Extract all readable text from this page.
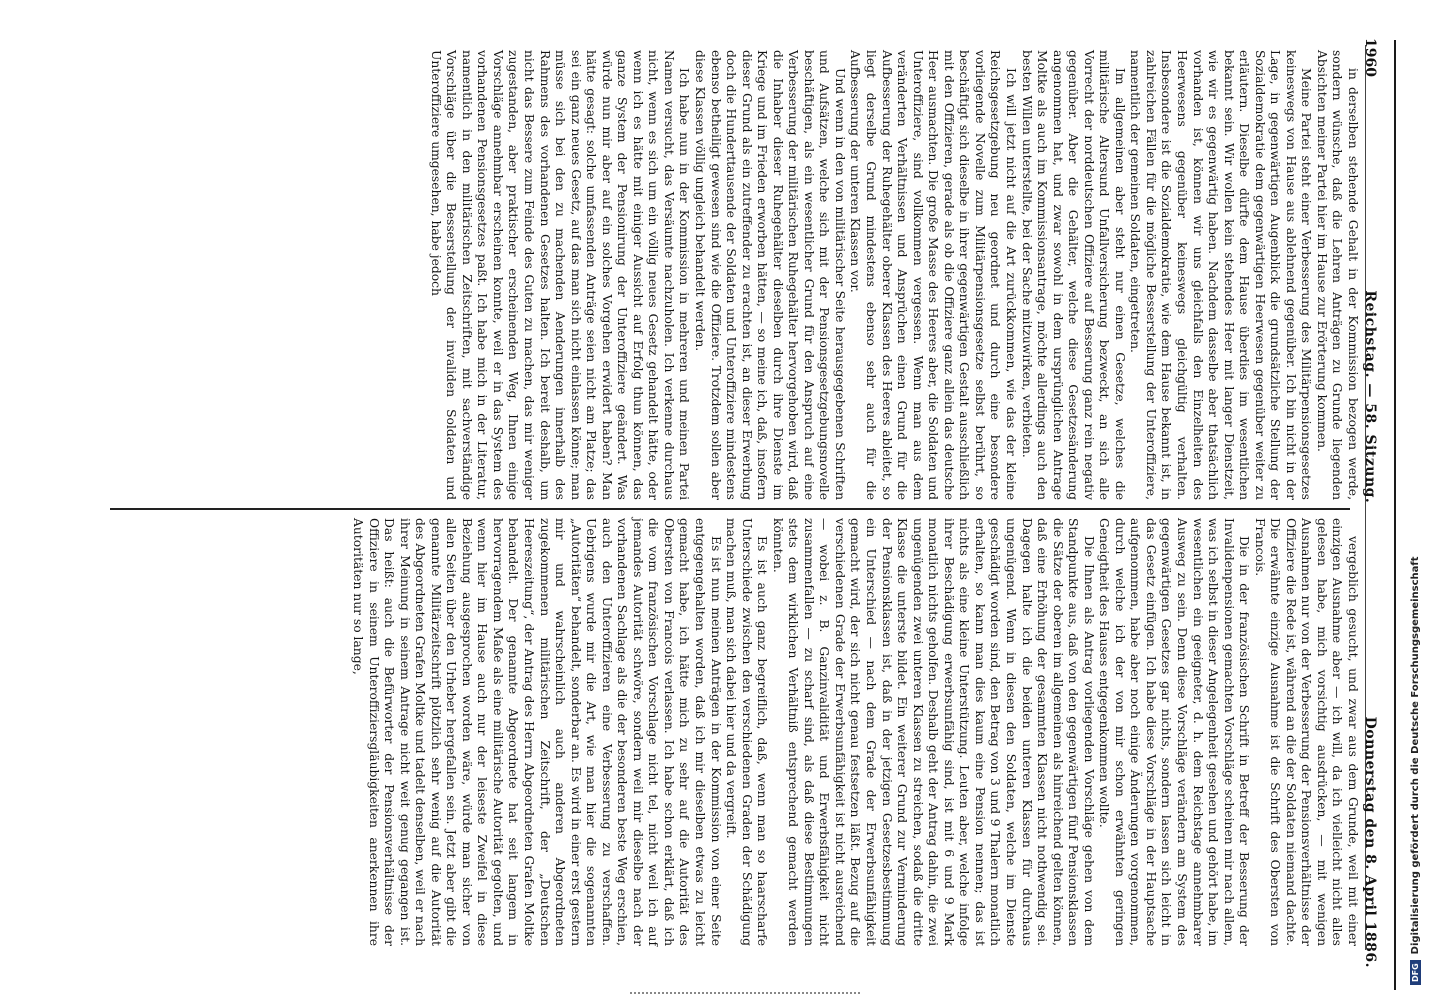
1960
Reichstag. — 58. Sitzung.
Donnerstag den 8. April 1886.

in derselben stehende Gehalt in der Kommission bezogen werde, sondern wünsche, daß die Lehren Anträgen zu Grunde liegenden Absichten meiner Partei hier im Hause zur Erörterung kommen.

Meine Partei steht einer Verbesserung des Militärpensionsgesetzes keineswegs von Hause aus ablehnend gegenüber. Ich bin nicht in der Lage, in gegenwärtigen Augenblick die grundsätzliche Stellung der Sozialdemokratie dem gegenwärtigen Heerwesen gegenüber weiter zu erläutern. Dieselbe dürfte dem Hause überdies im wesentlichen bekannt sein. Wir wollen kein stehendes Heer mit langer Dienstzeit, wie wir es gegenwärtig haben. Nachdem dasselbe aber thatsächlich vorhanden ist, können wir uns gleichfalls den Einzelheiten des Heerwesens gegenüber keineswegs gleichgültig verhalten. Insbesondere ist die Sozialdemokratie, wie dem Hause bekannt ist, in zahlreichen Fällen für die mögliche Besserstellung der Unteroffiziere, namentlich der gemeinen Soldaten, eingetreten.

Im allgemeinen aber steht nur einen Gesetze, welches die militärische Altersund Unfallversicherung bezweckt, an sich alle Vorrecht der norddeutschen Offiziere auf Besserung ganz rein negativ gegenüber. Aber die Gehälter, welche diese Gesetzesänderung angenommen hat, und zwar sowohl in dem ursprünglichen Antrage Moltke als auch im Kommissionsantrage, möchte allerdings auch den besten Willen unterstellte, bei der Sache mitzuwirken, verbieten.

Ich will jetzt nicht auf die Art zurückkommen, wie das der kleine Reichsgesetzgebung neu geordnet und durch eine besondere vorliegende Novelle zum Militärpensionsgesetze selbst berührt, so beschäftigt sich dieselbe in ihrer gegenwärtigen Gestalt ausschließlich mit den Offizieren, gerade als ob die Offiziere ganz allein das deutsche Heer ausmachten. Die große Masse des Heeres aber, die Soldaten und Unteroffiziere, sind vollkommen vergessen. Wenn man aus dem veränderten Verhältnissen und Ansprüchen einen Grund für die Aufbesserung der Ruhegehälter oberer Klassen des Heeres ableitet, so liegt derselbe Grund mindestens ebenso sehr auch für die Aufbesserung der unteren Klassen vor.

Und wenn in den von militärischer Seite herausgegebenen Schriften und Aufsätzen, welche sich mit der Pensionsgesetzgebungsnovelle beschäftigen, als ein wesentlicher Grund für den Anspruch auf eine Verbesserung der militärischen Ruhegehälter hervorgehoben wird, daß die Inhaber dieser Ruhegehälter dieselben durch ihre Dienste im Kriege und im Frieden erworben hätten, — so meine ich, daß, insofern dieser Grund als ein zutreffender zu erachten ist, an dieser Erwerbung doch die Hunderttausende der Soldaten und Unteroffiziere mindestens ebenso betheiligt gewesen sind wie die Offiziere. Trotzdem sollen aber diese Klassen völlig ungleich behandelt werden.

Ich habe nun in der Kommission in mehreren und meinen Partei Namen versucht, das Versäumte nachzuholen. Ich verkenne durchaus nicht, wenn es sich um ein völlig neues Gesetz gehandelt hätte, oder wenn ich es hätte mit einiger Aussicht auf Erfolg thun können, das ganze System der Pensionirung der Unteroffiziere geändert. Was würde nun mir aber auf ein solches Vorgehen erwidert haben? Man hätte gesagt: solche umfassenden Anträge seien nicht am Platze; das sei ein ganz neues Gesetz, auf das man sich nicht einlassen könne; man müsse sich bei den zu machenden Aenderungen innerhalb des Rahmens des vorhandenen Gesetzes halten. Ich bereit deshalb, um nicht das Bessere zum Feinde des Guten zu machen, das mir weniger zugestanden, aber praktischer erscheinenden Weg, Ihnen einige Vorschläge annehmbar erscheinen konnte, weil er in das System des vorhandenen Pensionsgesetzes paßt. Ich habe mich in der Literatur, namentlich in den militärischen Zeitschriften, mit sachverständige Vorschläge über die Besserstellung der invaliden Soldaten und Unteroffiziere umgesehen, habe jedoch

vergeblich gesucht, und zwar aus dem Grunde, weil mit einer einzigen Ausnahme aber — ich will, da ich vielleicht nicht alles gelesen habe, mich vorsichtig ausdrücken, — mit wenigen Ausnahmen nur von der Verbesserung der Pensionsverhältnisse der Offiziere die Rede ist, während an die der Soldaten niemand dachte. Die erwähnte einzige Ausnahme ist die Schrift des Obersten von Francois.

Die in der französischen Schrift in Betreff der Besserung der Invalidenpensionen gemachten Vorschläge scheinen mir nach allem, was ich selbst in dieser Angelegenheit gesehen und gehört habe, im wesentlichen ein geeigneter, d. h. dem Reichstage annehmbarer Ausweg zu sein. Denn diese Vorschläge verändern am System des gegenwärtigen Gesetzes gar nichts, sondern lassen sich leicht in das Gesetz einfügen. Ich habe diese Vorschläge in der Hauptsache aufgenommen, habe aber noch einige Änderungen vorgenommen, durch welche ich der von mir schon erwähnten geringen Geneigtheit des Hauses entgegenkommen wollte.

Die Ihnen als Antrag vorliegenden Vorschläge gehen von dem Standpunkte aus, daß von den gegenwärtigen fünf Pensionsklassen die Sätze der oberen im allgemeinen als hinreichend gelten können, daß eine Erhöhung der gesammten Klassen nicht nothwendig sei. Dagegen halte ich die beiden unteren Klassen für durchaus ungenügend. Wenn in diesen den Soldaten, welche im Dienste geschädigt worden sind, den Betrag von 3 und 9 Thalern monatlich erhalten, so kann man dies kaum eine Pension nennen; das ist nichts als eine kleine Unterstützung. Leuten aber, welche infolge ihrer Beschädigung erwerbsunfähig sind, ist mit 6 und 9 Mark monatlich nichts geholfen. Deshalb geht der Antrag dahin, die zwei ungenügenden zwei unteren Klassen zu streichen, sodaß die dritte Klasse die unterste bildet. Ein weiterer Grund zur Verminderung der Pensionsklassen ist, daß in der jetzigen Gesetzesbestimmung ein Unterschied — nach dem Grade der Erwerbsunfähigkeit gemacht wird, der sich nicht genau festsetzen läßt. Bezug auf die verschiedenen Grade der Erwerbsunfähigkeit ist nicht ausreichend — wobei z. B. Ganzinvalidität und Erwerbsfähigkeit nicht zusammenfallen — zu scharf sind, als daß diese Bestimmungen stets dem wirklichen Verhältniß entsprechend gemacht werden könnten.

Es ist auch ganz begreiflich, daß, wenn man so haarscharfe Unterschiede zwischen den verschiedenen Graden der Schädigung machen muß, man sich dabei hier und da vergreift.

Es ist nun meinen Anträgen in der Kommission von einer Seite entgegengehalten worden, daß ich mir dieselben etwas zu leicht gemacht habe, ich hätte mich zu sehr auf die Autorität des Obersten von Francois verlassen. Ich habe schon erklärt, daß ich die vom französischen Vorschlage nicht tel, nicht weil ich auf jemandes Autorität schwöre, sondern weil mir dieselbe nach der vorhandenen Sachlage als die der besonderen beste Weg erschien, auch den Unteroffizieren eine Verbesserung zu verschaffen. Uebrigens wurde mir die Art, wie man hier die sogenannten „Autoritäten“ behandelt, sonderbar an. Es wird in einer erst gestern mir und wahrscheinlich auch anderen Abgeordneten zugekommenen militärischen Zeitschrift, der „Deutschen Heereszeitung“, der Antrag des Herrn Abgeordneten Grafen Moltke behandelt. Der genannte Abgeordnete hat seit langem in hervorragendem Maße als eine militärische Autorität gegolten, und wenn hier im Hause auch nur der leiseste Zweifel in diese Beziehung ausgesprochen worden wäre, würde man sicher von allen Seiten über den Urheber hergefallen sein. Jetzt aber gibt die genannte Militärzeitschrift plötzlich sehr wenig auf die Autorität des Abgeordneten Grafen Moltke und tadelt denselben, weil er nach ihrer Meinung in seinem Antrage nicht weit genug gegangen ist. Das heißt: auch die Befürworter der Pensionsverhältnisse der Offiziere in seinem Unteroffiziersgläubigkeiten anerkennen ihre Autoritäten nur so lange,

DFG
Digitalisierung gefördert durch die Deutsche Forschungsgemeinschaft
